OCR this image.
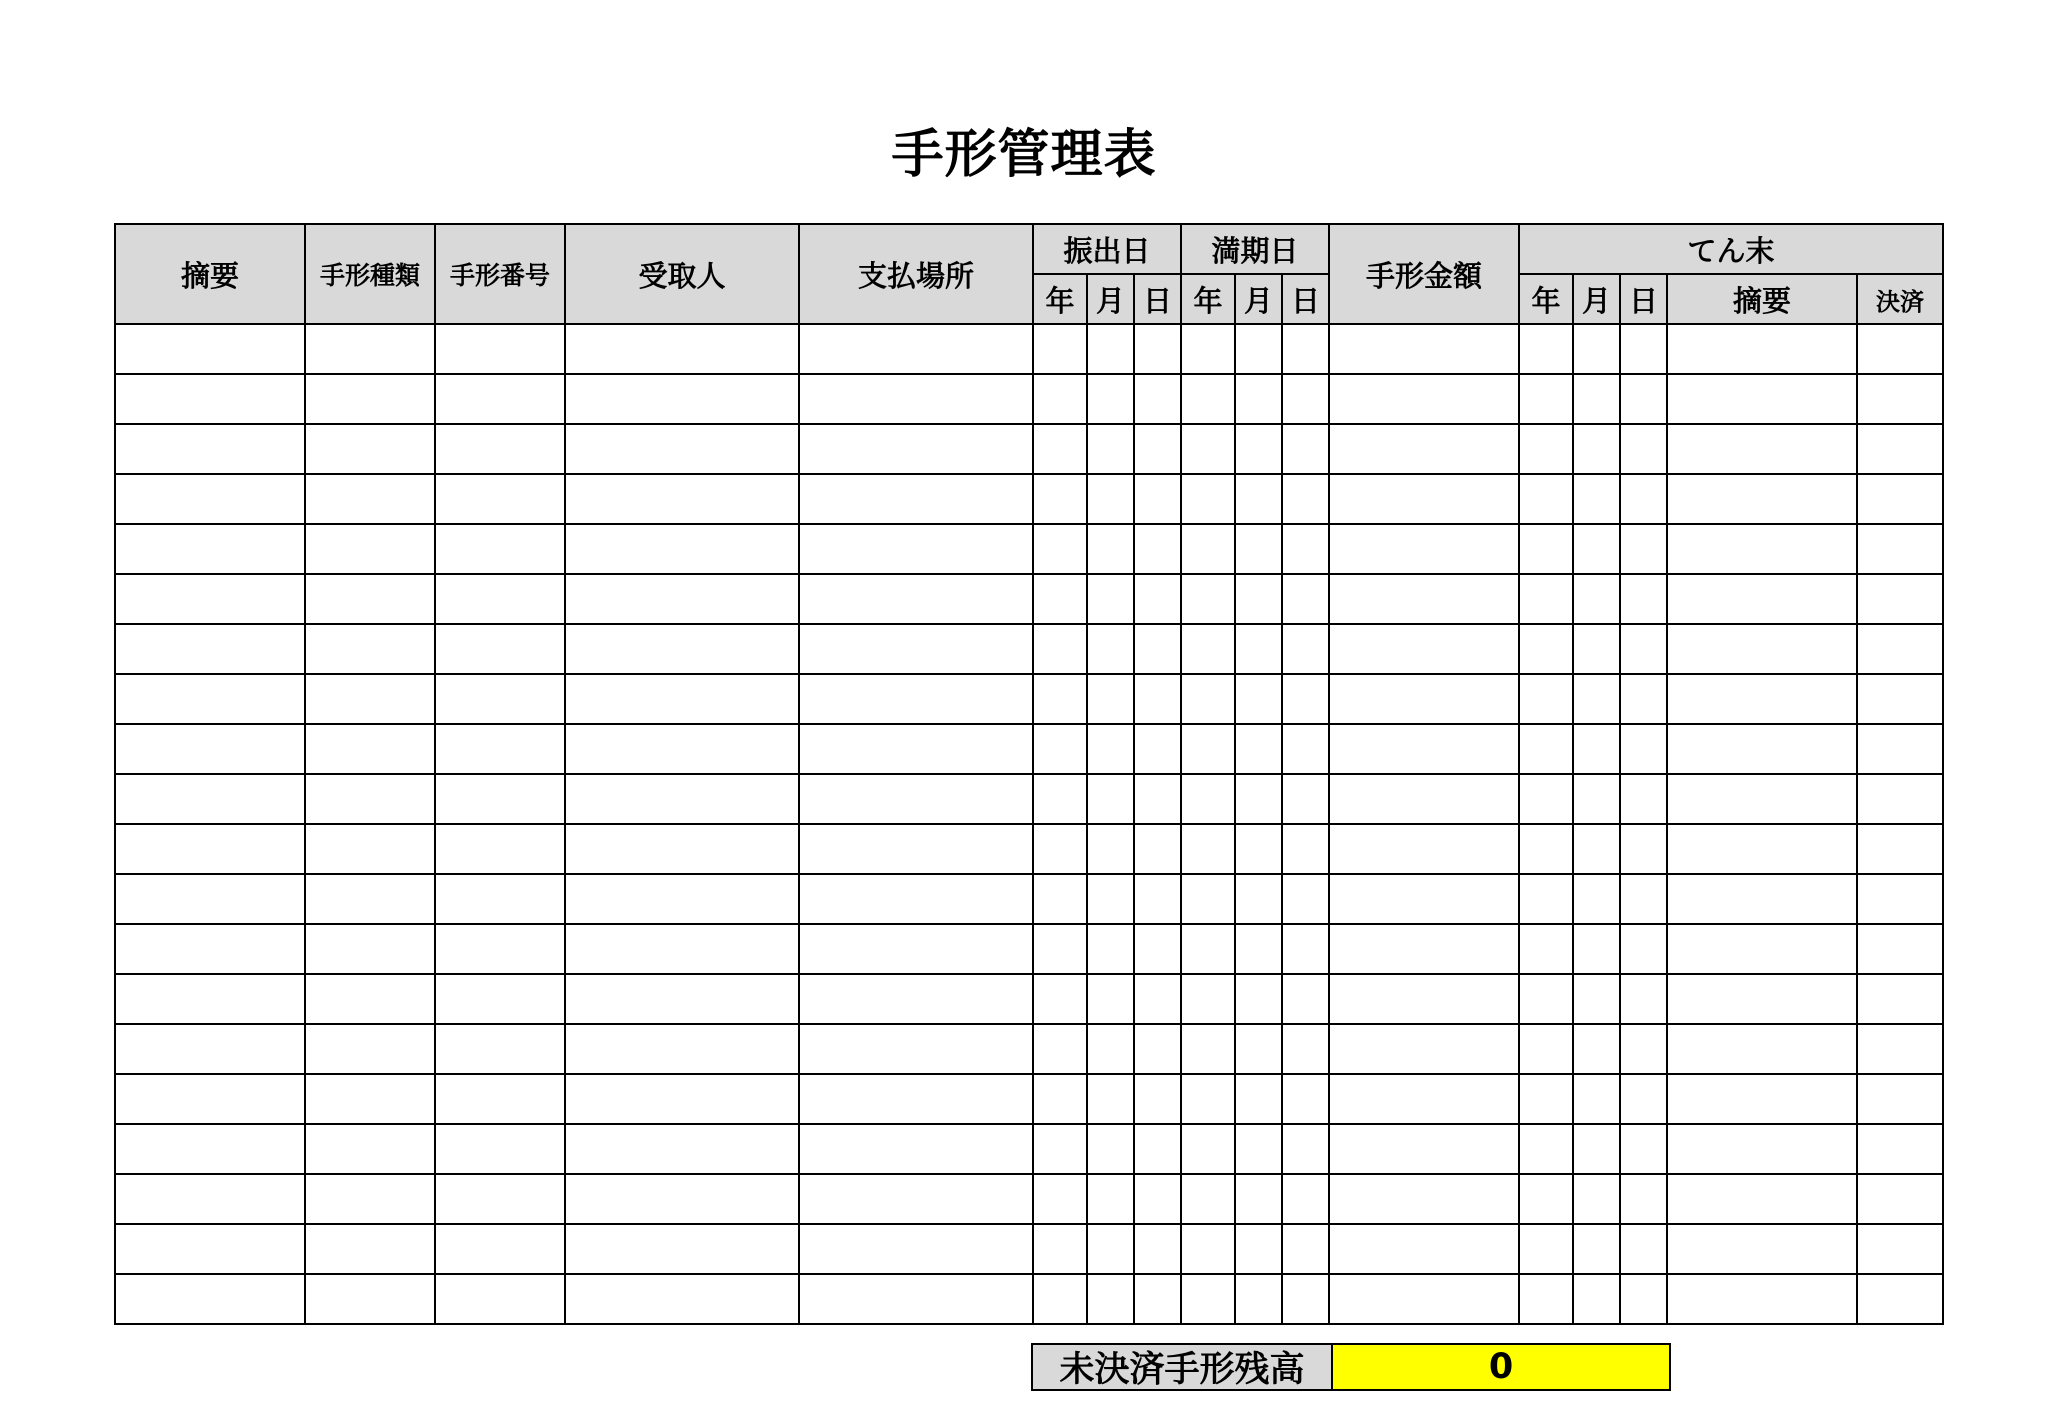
手形管理表
摘要	手形種類	手形番号	受取人	支払場所	振出日			満期日			手形金額	てん末				
					年	月	日	年	月	日		年	月	日	摘要	決済

未決済手形残高	0
